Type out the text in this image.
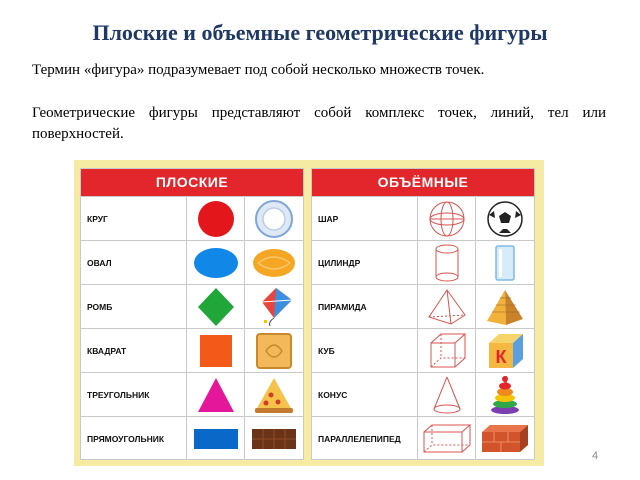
Плоские и объемные геометрические фигуры
Термин «фигура» подразумевает под собой несколько множеств точек.
Геометрические фигуры представляют собой комплекс точек, линий, тел или поверхностей.
ПЛОСКИЕ
КРУГ
ОВАЛ
РОМБ
КВАДРАТ
ТРЕУГОЛЬНИК
ПРЯМОУГОЛЬНИК
ОБЪЁМНЫЕ
ШАР
ЦИЛИНДР
ПИРАМИДА
КУБ	К
КОНУС
ПАРАЛЛЕЛЕПИПЕД
4
